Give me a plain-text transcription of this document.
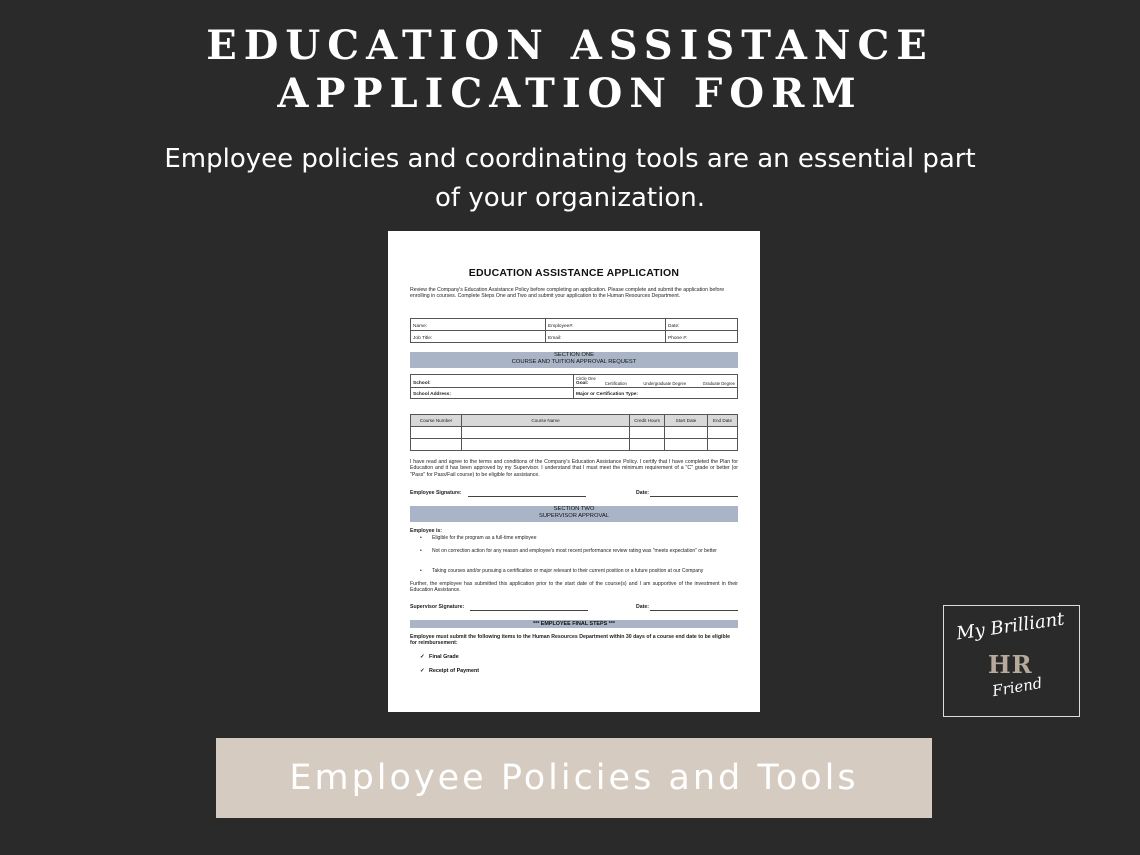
EDUCATION ASSISTANCE
APPLICATION FORM
Employee policies and coordinating tools are an essential part
of your organization.
EDUCATION ASSISTANCE APPLICATION
Review the Company's Education Assistance Policy before completing an application. Please complete and submit the application before enrolling in courses. Complete Steps One and Two and submit your application to the Human Resources Department.
Name:	Employee#:	Date:
Job Title:	Email:	Phone #:
SECTION ONE
COURSE AND TUITION APPROVAL REQUEST
School:	Circle One
Goal: Certification Undergraduate Degree Graduate Degree

School Address:	Major or Certification Type:
Course Number	Course Name	Credit Hours	Start Date	End Date

I have read and agree to the terms and conditions of the Company's Education Assistance Policy. I certify that I have completed the Plan for Education and it has been approved by my Supervisor. I understand that I must meet the minimum requirement of a "C" grade or better (or "Pass" for Pass/Fail course) to be eligible for assistance.
Employee Signature:	Date:
SECTION TWO
SUPERVISOR APPROVAL
Employee is:
• Eligible for the program as a full-time employee
• Not on correction action for any reason and employee's most recent performance review rating was "meets expectation" or better
• Taking courses and/or pursuing a certification or major relevant to their current position or a future position at our Company
Further, the employee has submitted this application prior to the start date of the course(s) and I am supportive of the investment in their Education Assistance.
Supervisor Signature:	Date:
*** EMPLOYEE FINAL STEPS ***
Employee must submit the following items to the Human Resources Department within 30 days of a course end date to be eligible for reimbursement:
✓ Final Grade
✓ Receipt of Payment
My Brilliant
HR
Friend
Employee Policies and Tools
